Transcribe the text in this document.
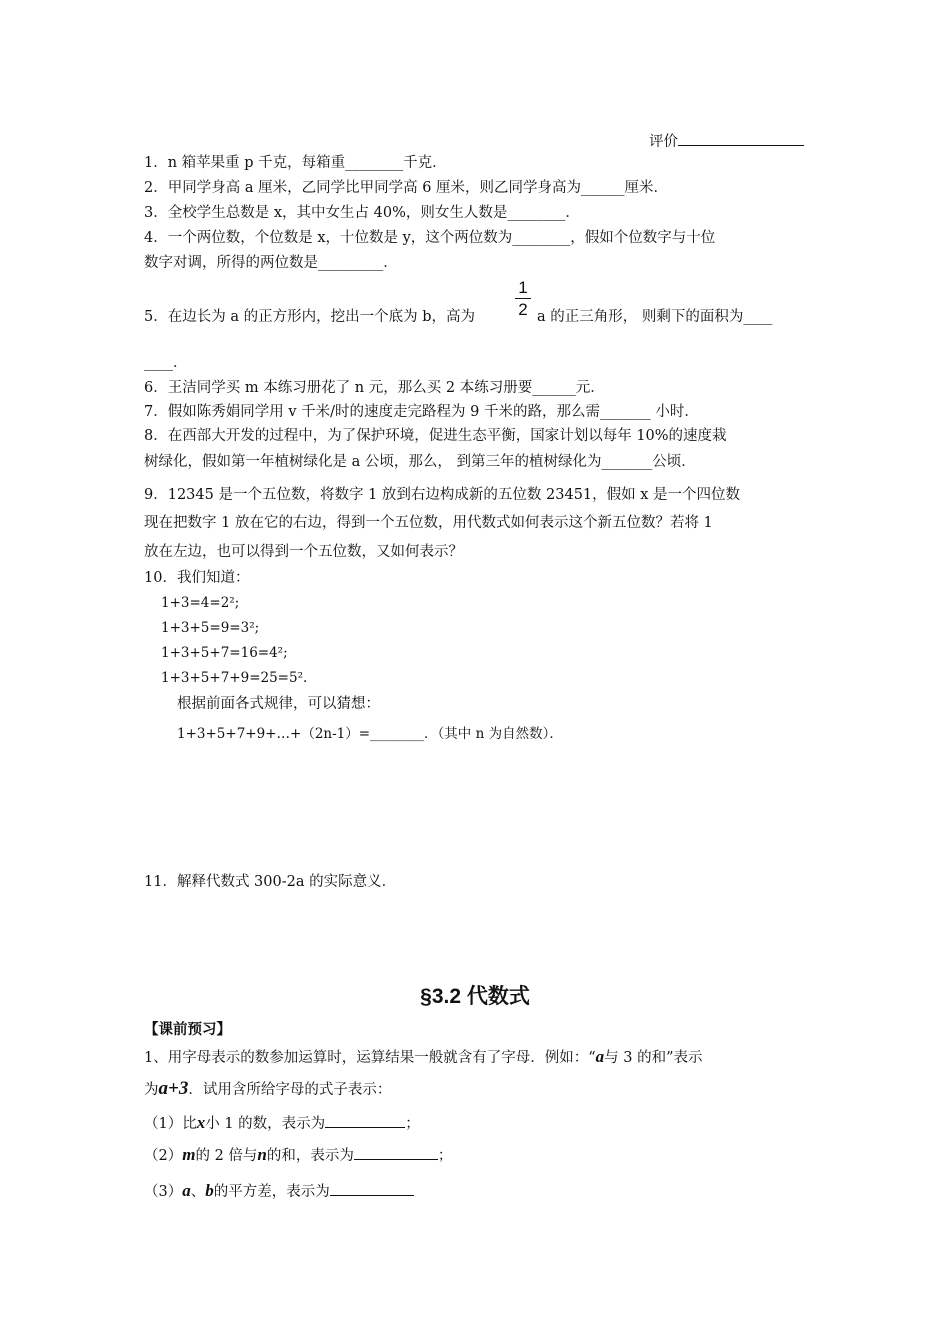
评价
1．n 箱苹果重 p 千克，每箱重________千克．
2．甲同学身高 a 厘米，乙同学比甲同学高 6 厘米，则乙同学身高为______厘米．
3．全校学生总数是 x，其中女生占 40%，则女生人数是________．
4．一个两位数，个位数是 x，十位数是 y，这个两位数为________，假如个位数字与十位
数字对调，所得的两位数是_________．
1
2
5．在边长为 a 的正方形内，挖出一个底为 b，高为	a 的正三角形， 则剩下的面积为____
____．
6．王洁同学买 m 本练习册花了 n 元，那么买 2 本练习册要______元．
7．假如陈秀娟同学用 v 千米/时的速度走完路程为 9 千米的路，那么需_______ 小时．
8．在西部大开发的过程中，为了保护环境，促进生态平衡，国家计划以每年 10%的速度栽
树绿化，假如第一年植树绿化是 a 公顷，那么， 到第三年的植树绿化为_______公顷．
9．12345 是一个五位数，将数字 1 放到右边构成新的五位数 23451，假如 x 是一个四位数
现在把数字 1 放在它的右边，得到一个五位数，用代数式如何表示这个新五位数？若将 1
放在左边，也可以得到一个五位数，又如何表示？
10．我们知道：
1+3=4=2²;
1+3+5=9=3²;
1+3+5+7=16=4²;
1+3+5+7+9=25=5².
根据前面各式规律，可以猜想：
1+3+5+7+9+…+（2n-1）=________．（其中 n 为自然数）．
11．解释代数式 300-2a 的实际意义．
§3.2 代数式
【课前预习】
1、用字母表示的数参加运算时，运算结果一般就含有了字母．例如：“a与 3 的和”表示
为a+3．试用含所给字母的式子表示：
（1）比x小 1 的数，表示为	；
（2）m的 2 倍与n的和，表示为	；
（3）a、b的平方差，表示为
